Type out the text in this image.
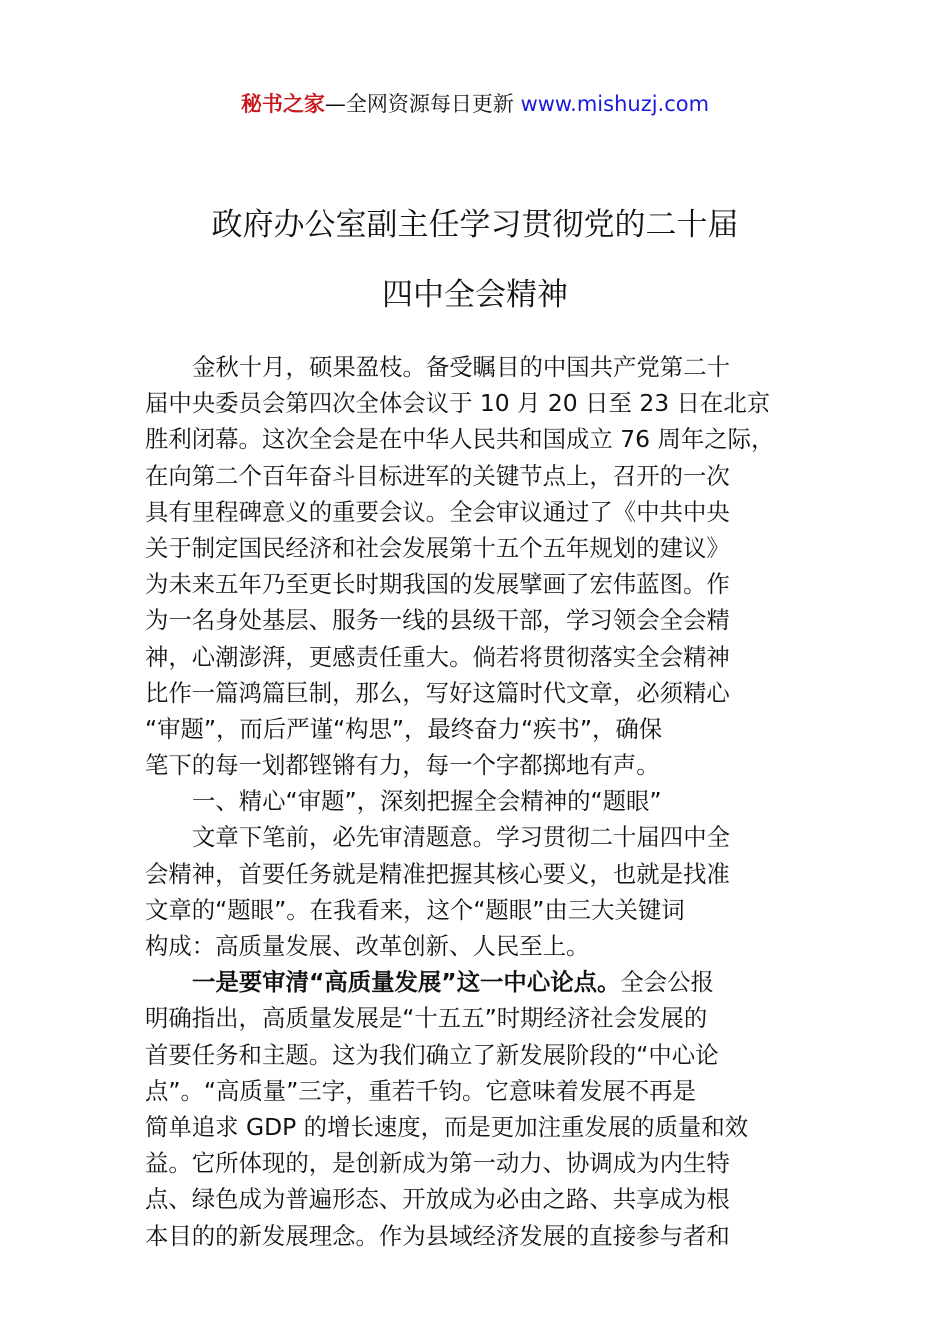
秘书之家—全网资源每日更新 www.mishuzj.com
政府办公室副主任学习贯彻党的二十届
四中全会精神
金秋十月，硕果盈枝。备受瞩目的中国共产党第二十
届中央委员会第四次全体会议于 10 月 20 日至 23 日在北京
胜利闭幕。这次全会是在中华人民共和国成立 76 周年之际，
在向第二个百年奋斗目标进军的关键节点上，召开的一次
具有里程碑意义的重要会议。全会审议通过了《中共中央
关于制定国民经济和社会发展第十五个五年规划的建议》
为未来五年乃至更长时期我国的发展擘画了宏伟蓝图。作
为一名身处基层、服务一线的县级干部，学习领会全会精
神，心潮澎湃，更感责任重大。倘若将贯彻落实全会精神
比作一篇鸿篇巨制，那么，写好这篇时代文章，必须精心
“审题”，而后严谨“构思”，最终奋力“疾书”，确保
笔下的每一划都铿锵有力，每一个字都掷地有声。
一、精心“审题”，深刻把握全会精神的“题眼”
文章下笔前，必先审清题意。学习贯彻二十届四中全
会精神，首要任务就是精准把握其核心要义，也就是找准
文章的“题眼”。在我看来，这个“题眼”由三大关键词
构成：高质量发展、改革创新、人民至上。
一是要审清“高质量发展”这一中心论点。全会公报
明确指出，高质量发展是“十五五”时期经济社会发展的
首要任务和主题。这为我们确立了新发展阶段的“中心论
点”。“高质量”三字，重若千钧。它意味着发展不再是
简单追求 GDP 的增长速度，而是更加注重发展的质量和效
益。它所体现的，是创新成为第一动力、协调成为内生特
点、绿色成为普遍形态、开放成为必由之路、共享成为根
本目的的新发展理念。作为县域经济发展的直接参与者和
